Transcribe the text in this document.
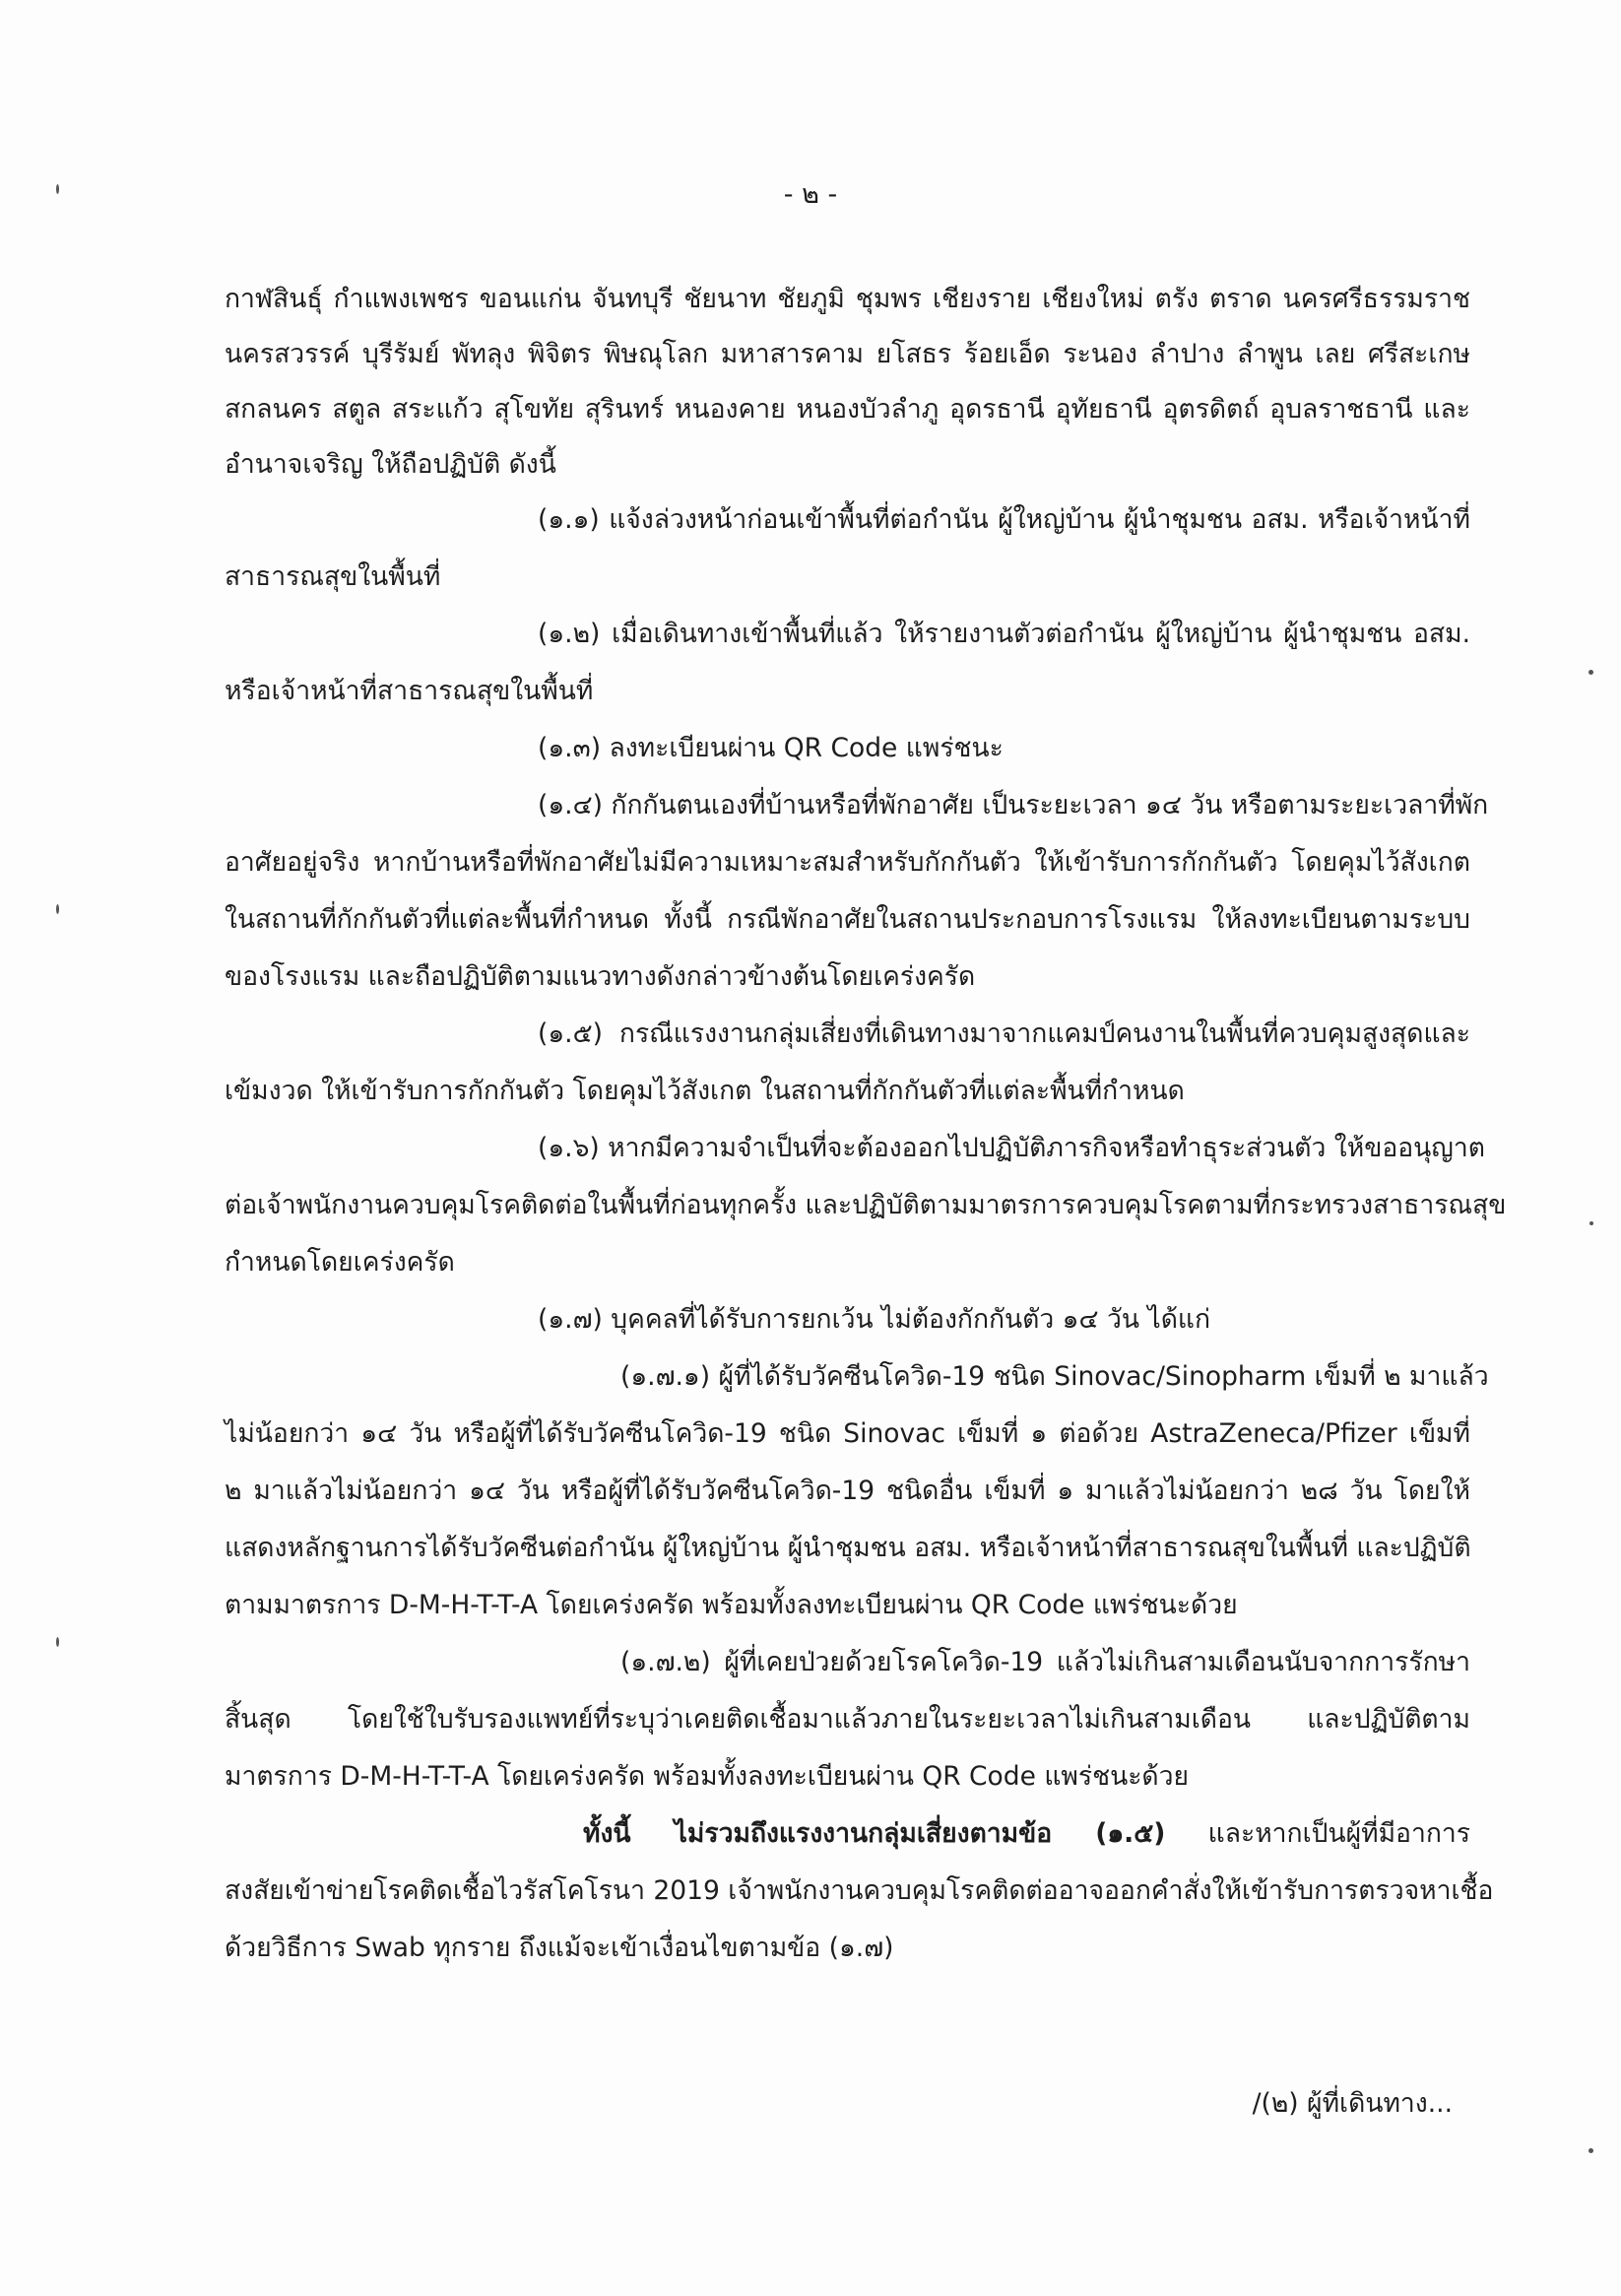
- ๒ -
กาฬสินธุ์ กำแพงเพชร ขอนแก่น จันทบุรี ชัยนาท ชัยภูมิ ชุมพร เชียงราย เชียงใหม่ ตรัง ตราด นครศรีธรรมราช
นครสวรรค์ บุรีรัมย์ พัทลุง พิจิตร พิษณุโลก มหาสารคาม ยโสธร ร้อยเอ็ด ระนอง ลำปาง ลำพูน เลย ศรีสะเกษ
สกลนคร สตูล สระแก้ว สุโขทัย สุรินทร์ หนองคาย หนองบัวลำภู อุดรธานี อุทัยธานี อุตรดิตถ์ อุบลราชธานี และ
อำนาจเจริญ ให้ถือปฏิบัติ ดังนี้
(๑.๑) แจ้งล่วงหน้าก่อนเข้าพื้นที่ต่อกำนัน ผู้ใหญ่บ้าน ผู้นำชุมชน อสม. หรือเจ้าหน้าที่
สาธารณสุขในพื้นที่
(๑.๒) เมื่อเดินทางเข้าพื้นที่แล้ว ให้รายงานตัวต่อกำนัน ผู้ใหญ่บ้าน ผู้นำชุมชน อสม.
หรือเจ้าหน้าที่สาธารณสุขในพื้นที่
(๑.๓) ลงทะเบียนผ่าน QR Code แพร่ชนะ
(๑.๔) กักกันตนเองที่บ้านหรือที่พักอาศัย เป็นระยะเวลา ๑๔ วัน หรือตามระยะเวลาที่พัก
อาศัยอยู่จริง หากบ้านหรือที่พักอาศัยไม่มีความเหมาะสมสำหรับกักกันตัว ให้เข้ารับการกักกันตัว โดยคุมไว้สังเกต
ในสถานที่กักกันตัวที่แต่ละพื้นที่กำหนด ทั้งนี้ กรณีพักอาศัยในสถานประกอบการโรงแรม ให้ลงทะเบียนตามระบบ
ของโรงแรม และถือปฏิบัติตามแนวทางดังกล่าวข้างต้นโดยเคร่งครัด
(๑.๕) กรณีแรงงานกลุ่มเสี่ยงที่เดินทางมาจากแคมป์คนงานในพื้นที่ควบคุมสูงสุดและ
เข้มงวด ให้เข้ารับการกักกันตัว โดยคุมไว้สังเกต ในสถานที่กักกันตัวที่แต่ละพื้นที่กำหนด
(๑.๖) หากมีความจำเป็นที่จะต้องออกไปปฏิบัติภารกิจหรือทำธุระส่วนตัว ให้ขออนุญาต
ต่อเจ้าพนักงานควบคุมโรคติดต่อในพื้นที่ก่อนทุกครั้ง และปฏิบัติตามมาตรการควบคุมโรคตามที่กระทรวงสาธารณสุข
กำหนดโดยเคร่งครัด
(๑.๗) บุคคลที่ได้รับการยกเว้น ไม่ต้องกักกันตัว ๑๔ วัน ได้แก่
(๑.๗.๑) ผู้ที่ได้รับวัคซีนโควิด-19 ชนิด Sinovac/Sinopharm เข็มที่ ๒ มาแล้ว
ไม่น้อยกว่า ๑๔ วัน หรือผู้ที่ได้รับวัคซีนโควิด-19 ชนิด Sinovac เข็มที่ ๑ ต่อด้วย AstraZeneca/Pfizer เข็มที่
๒ มาแล้วไม่น้อยกว่า ๑๔ วัน หรือผู้ที่ได้รับวัคซีนโควิด-19 ชนิดอื่น เข็มที่ ๑ มาแล้วไม่น้อยกว่า ๒๘ วัน โดยให้
แสดงหลักฐานการได้รับวัคซีนต่อกำนัน ผู้ใหญ่บ้าน ผู้นำชุมชน อสม. หรือเจ้าหน้าที่สาธารณสุขในพื้นที่ และปฏิบัติ
ตามมาตรการ D-M-H-T-T-A โดยเคร่งครัด พร้อมทั้งลงทะเบียนผ่าน QR Code แพร่ชนะด้วย
(๑.๗.๒) ผู้ที่เคยป่วยด้วยโรคโควิด-19 แล้วไม่เกินสามเดือนนับจากการรักษา
สิ้นสุด โดยใช้ใบรับรองแพทย์ที่ระบุว่าเคยติดเชื้อมาแล้วภายในระยะเวลาไม่เกินสามเดือน และปฏิบัติตาม
มาตรการ D-M-H-T-T-A โดยเคร่งครัด พร้อมทั้งลงทะเบียนผ่าน QR Code แพร่ชนะด้วย
ทั้งนี้ ไม่รวมถึงแรงงานกลุ่มเสี่ยงตามข้อ (๑.๕) และหากเป็นผู้ที่มีอาการ
สงสัยเข้าข่ายโรคติดเชื้อไวรัสโคโรนา 2019 เจ้าพนักงานควบคุมโรคติดต่ออาจออกคำสั่งให้เข้ารับการตรวจหาเชื้อ
ด้วยวิธีการ Swab ทุกราย ถึงแม้จะเข้าเงื่อนไขตามข้อ (๑.๗)
/(๒) ผู้ที่เดินทาง...
